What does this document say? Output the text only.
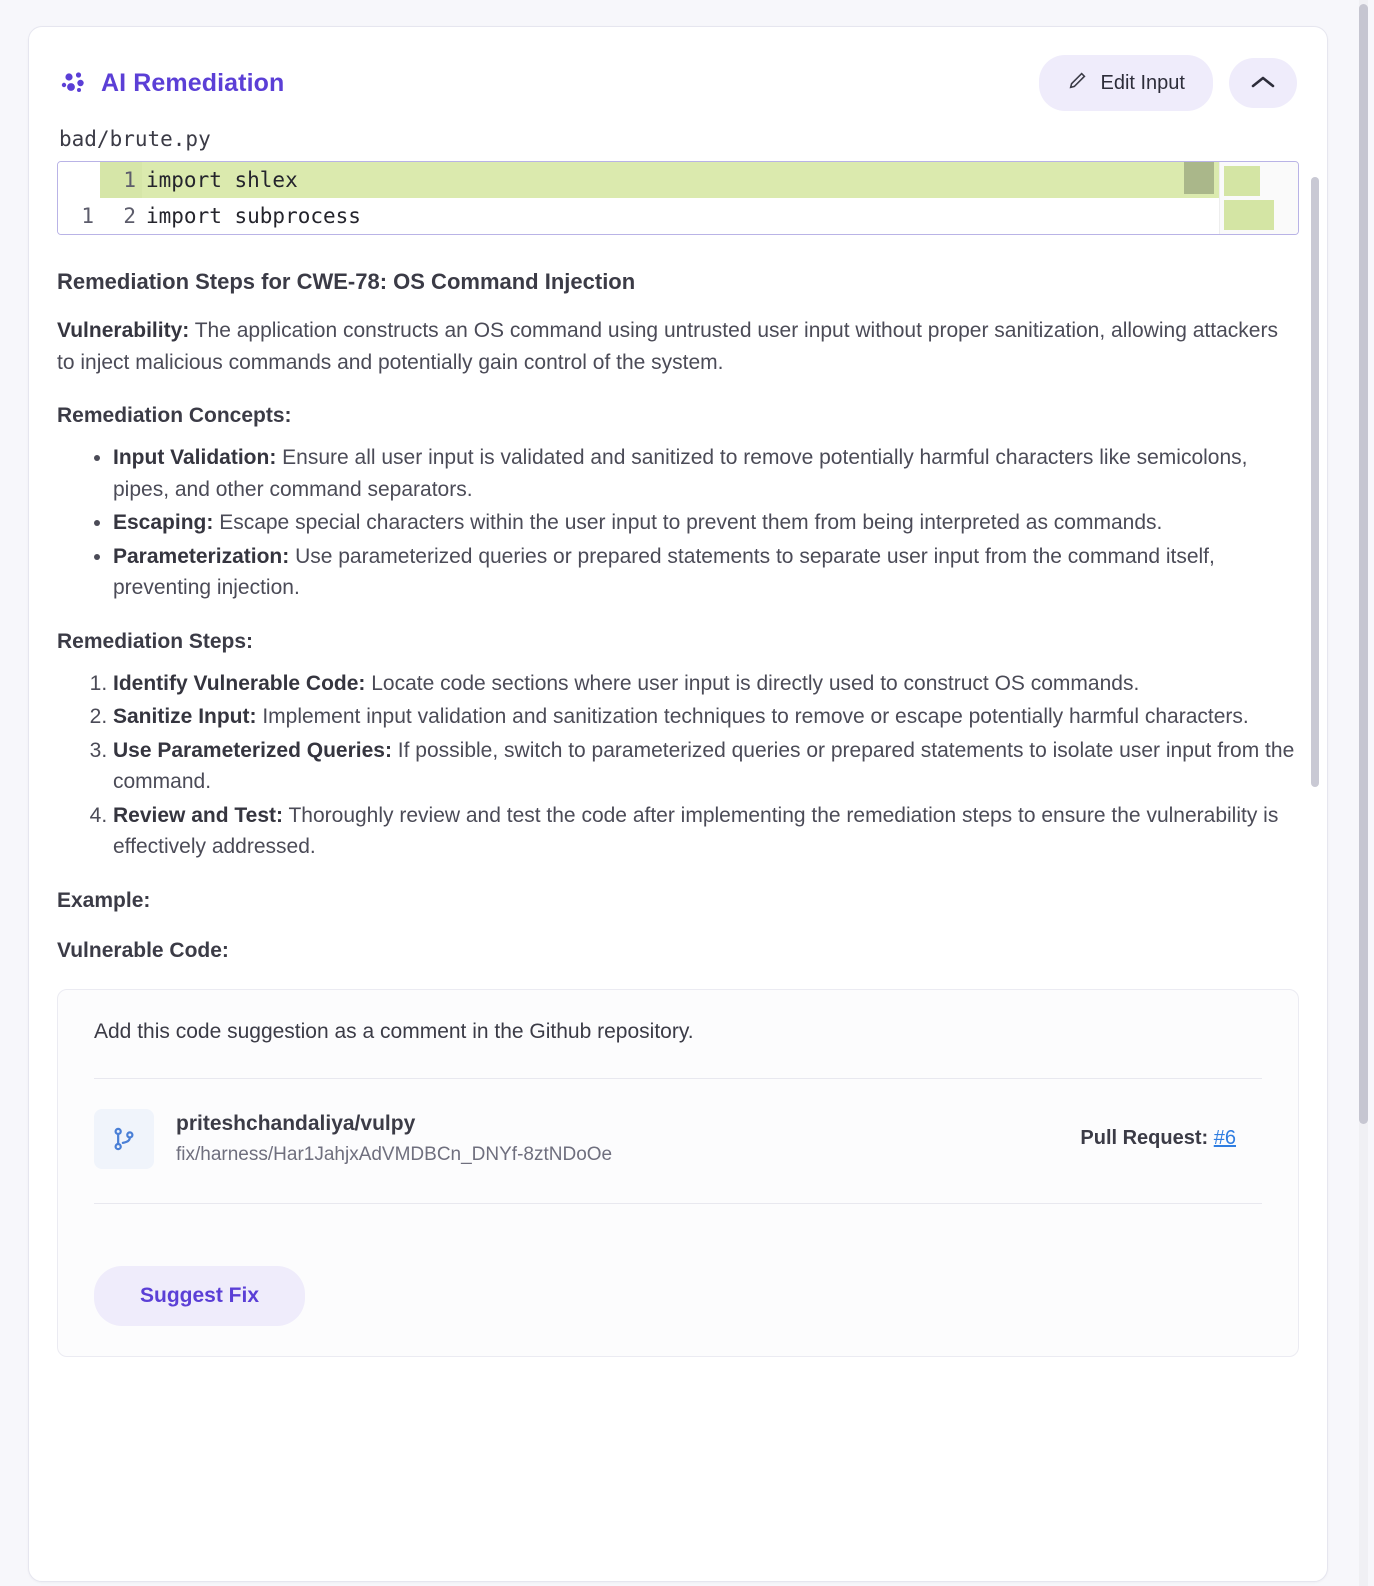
AI Remediation	Edit Input
bad/brute.py
1 import shlex
1	2 import subprocess
Remediation Steps for CWE-78: OS Command Injection

Vulnerability: The application constructs an OS command using untrusted user input without proper sanitization, allowing attackers to inject malicious commands and potentially gain control of the system.

Remediation Concepts:

• Input Validation: Ensure all user input is validated and sanitized to remove potentially harmful characters like semicolons, pipes, and other command separators.
• Escaping: Escape special characters within the user input to prevent them from being interpreted as commands.
• Parameterization: Use parameterized queries or prepared statements to separate user input from the command itself, preventing injection.

Remediation Steps:

1. Identify Vulnerable Code: Locate code sections where user input is directly used to construct OS commands.
2. Sanitize Input: Implement input validation and sanitization techniques to remove or escape potentially harmful characters.
3. Use Parameterized Queries: If possible, switch to parameterized queries or prepared statements to isolate user input from the command.
4. Review and Test: Thoroughly review and test the code after implementing the remediation steps to ensure the vulnerability is effectively addressed.

Example:

Vulnerable Code:

Add this code suggestion as a comment in the Github repository.
priteshchandaliya/vulpy
fix/harness/Har1JahjxAdVMDBCn_DNYf-8ztNDoOe
Pull Request: #6
Suggest Fix
